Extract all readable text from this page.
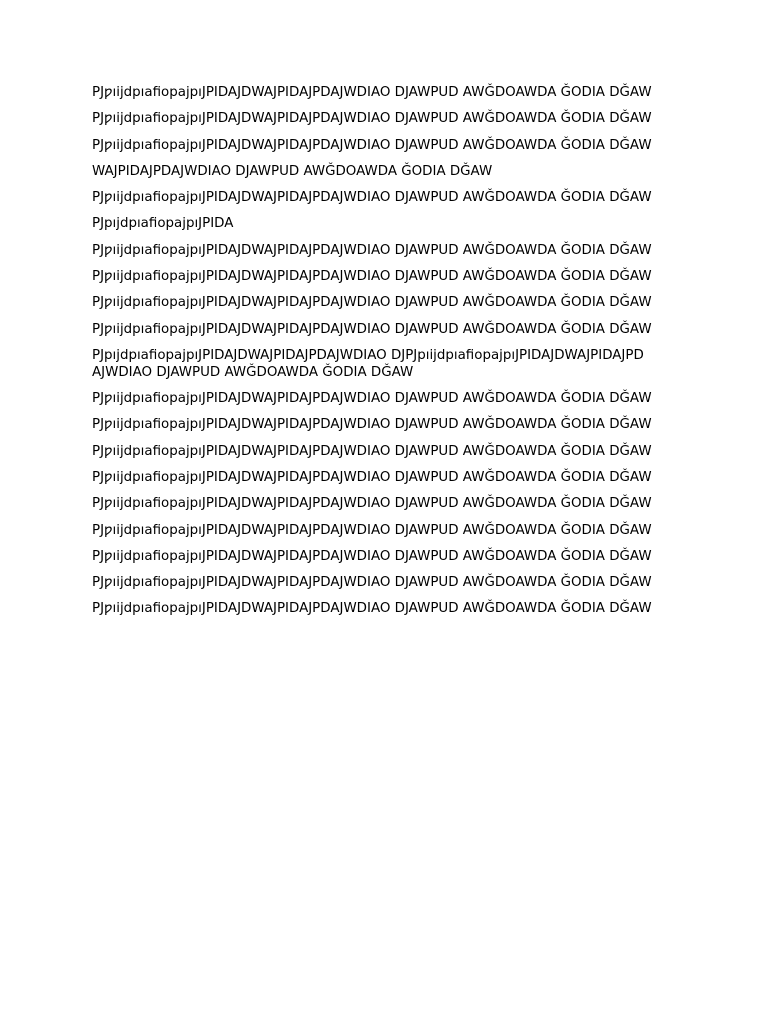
PJƿıijdpıafiopajpıJPIDAJDWAJPIDAJPDAJWDIAO DJAWPUD AWǦDOAWDA ǦODIA DǦAW

PJƿıijdpıafiopajpıJPIDAJDWAJPIDAJPDAJWDIAO DJAWPUD AWǦDOAWDA ǦODIA DǦAW

PJƿıijdpıafiopajpıJPIDAJDWAJPIDAJPDAJWDIAO DJAWPUD AWǦDOAWDA ǦODIA DǦAW

WAJPIDAJPDAJWDIAO DJAWPUD AWǦDOAWDA ǦODIA DǦAW

PJƿıijdpıafiopajpıJPIDAJDWAJPIDAJPDAJWDIAO DJAWPUD AWǦDOAWDA ǦODIA DǦAW

PJpıjdpıafiopajpıJPIDA

PJƿıijdpıafiopajpıJPIDAJDWAJPIDAJPDAJWDIAO DJAWPUD AWǦDOAWDA ǦODIA DǦAW

PJƿıijdpıafiopajpıJPIDAJDWAJPIDAJPDAJWDIAO DJAWPUD AWǦDOAWDA ǦODIA DǦAW

PJƿıijdpıafiopajpıJPIDAJDWAJPIDAJPDAJWDIAO DJAWPUD AWǦDOAWDA ǦODIA DǦAW

PJƿıijdpıafiopajpıJPIDAJDWAJPIDAJPDAJWDIAO DJAWPUD AWǦDOAWDA ǦODIA DǦAW

PJpıjdpıafiopajpıJPIDAJDWAJPIDAJPDAJWDIAO DJPJpıijdpıafiopajpıJPIDAJDWAJPIDAJPDAJWDIAO DJAWPUD AWǦDOAWDA ǦODIA DǦAW

PJƿıijdpıafiopajpıJPIDAJDWAJPIDAJPDAJWDIAO DJAWPUD AWǦDOAWDA ǦODIA DǦAW

PJƿıijdpıafiopajpıJPIDAJDWAJPIDAJPDAJWDIAO DJAWPUD AWǦDOAWDA ǦODIA DǦAW

PJƿıijdpıafiopajpıJPIDAJDWAJPIDAJPDAJWDIAO DJAWPUD AWǦDOAWDA ǦODIA DǦAW

PJƿıijdpıafiopajpıJPIDAJDWAJPIDAJPDAJWDIAO DJAWPUD AWǦDOAWDA ǦODIA DǦAW

PJƿıijdpıafiopajpıJPIDAJDWAJPIDAJPDAJWDIAO DJAWPUD AWǦDOAWDA ǦODIA DǦAW

PJƿıijdpıafiopajpıJPIDAJDWAJPIDAJPDAJWDIAO DJAWPUD AWǦDOAWDA ǦODIA DǦAW

PJƿıijdpıafiopajpıJPIDAJDWAJPIDAJPDAJWDIAO DJAWPUD AWǦDOAWDA ǦODIA DǦAW

PJƿıijdpıafiopajpıJPIDAJDWAJPIDAJPDAJWDIAO DJAWPUD AWǦDOAWDA ǦODIA DǦAW

PJƿıijdpıafiopajpıJPIDAJDWAJPIDAJPDAJWDIAO DJAWPUD AWǦDOAWDA ǦODIA DǦAW
